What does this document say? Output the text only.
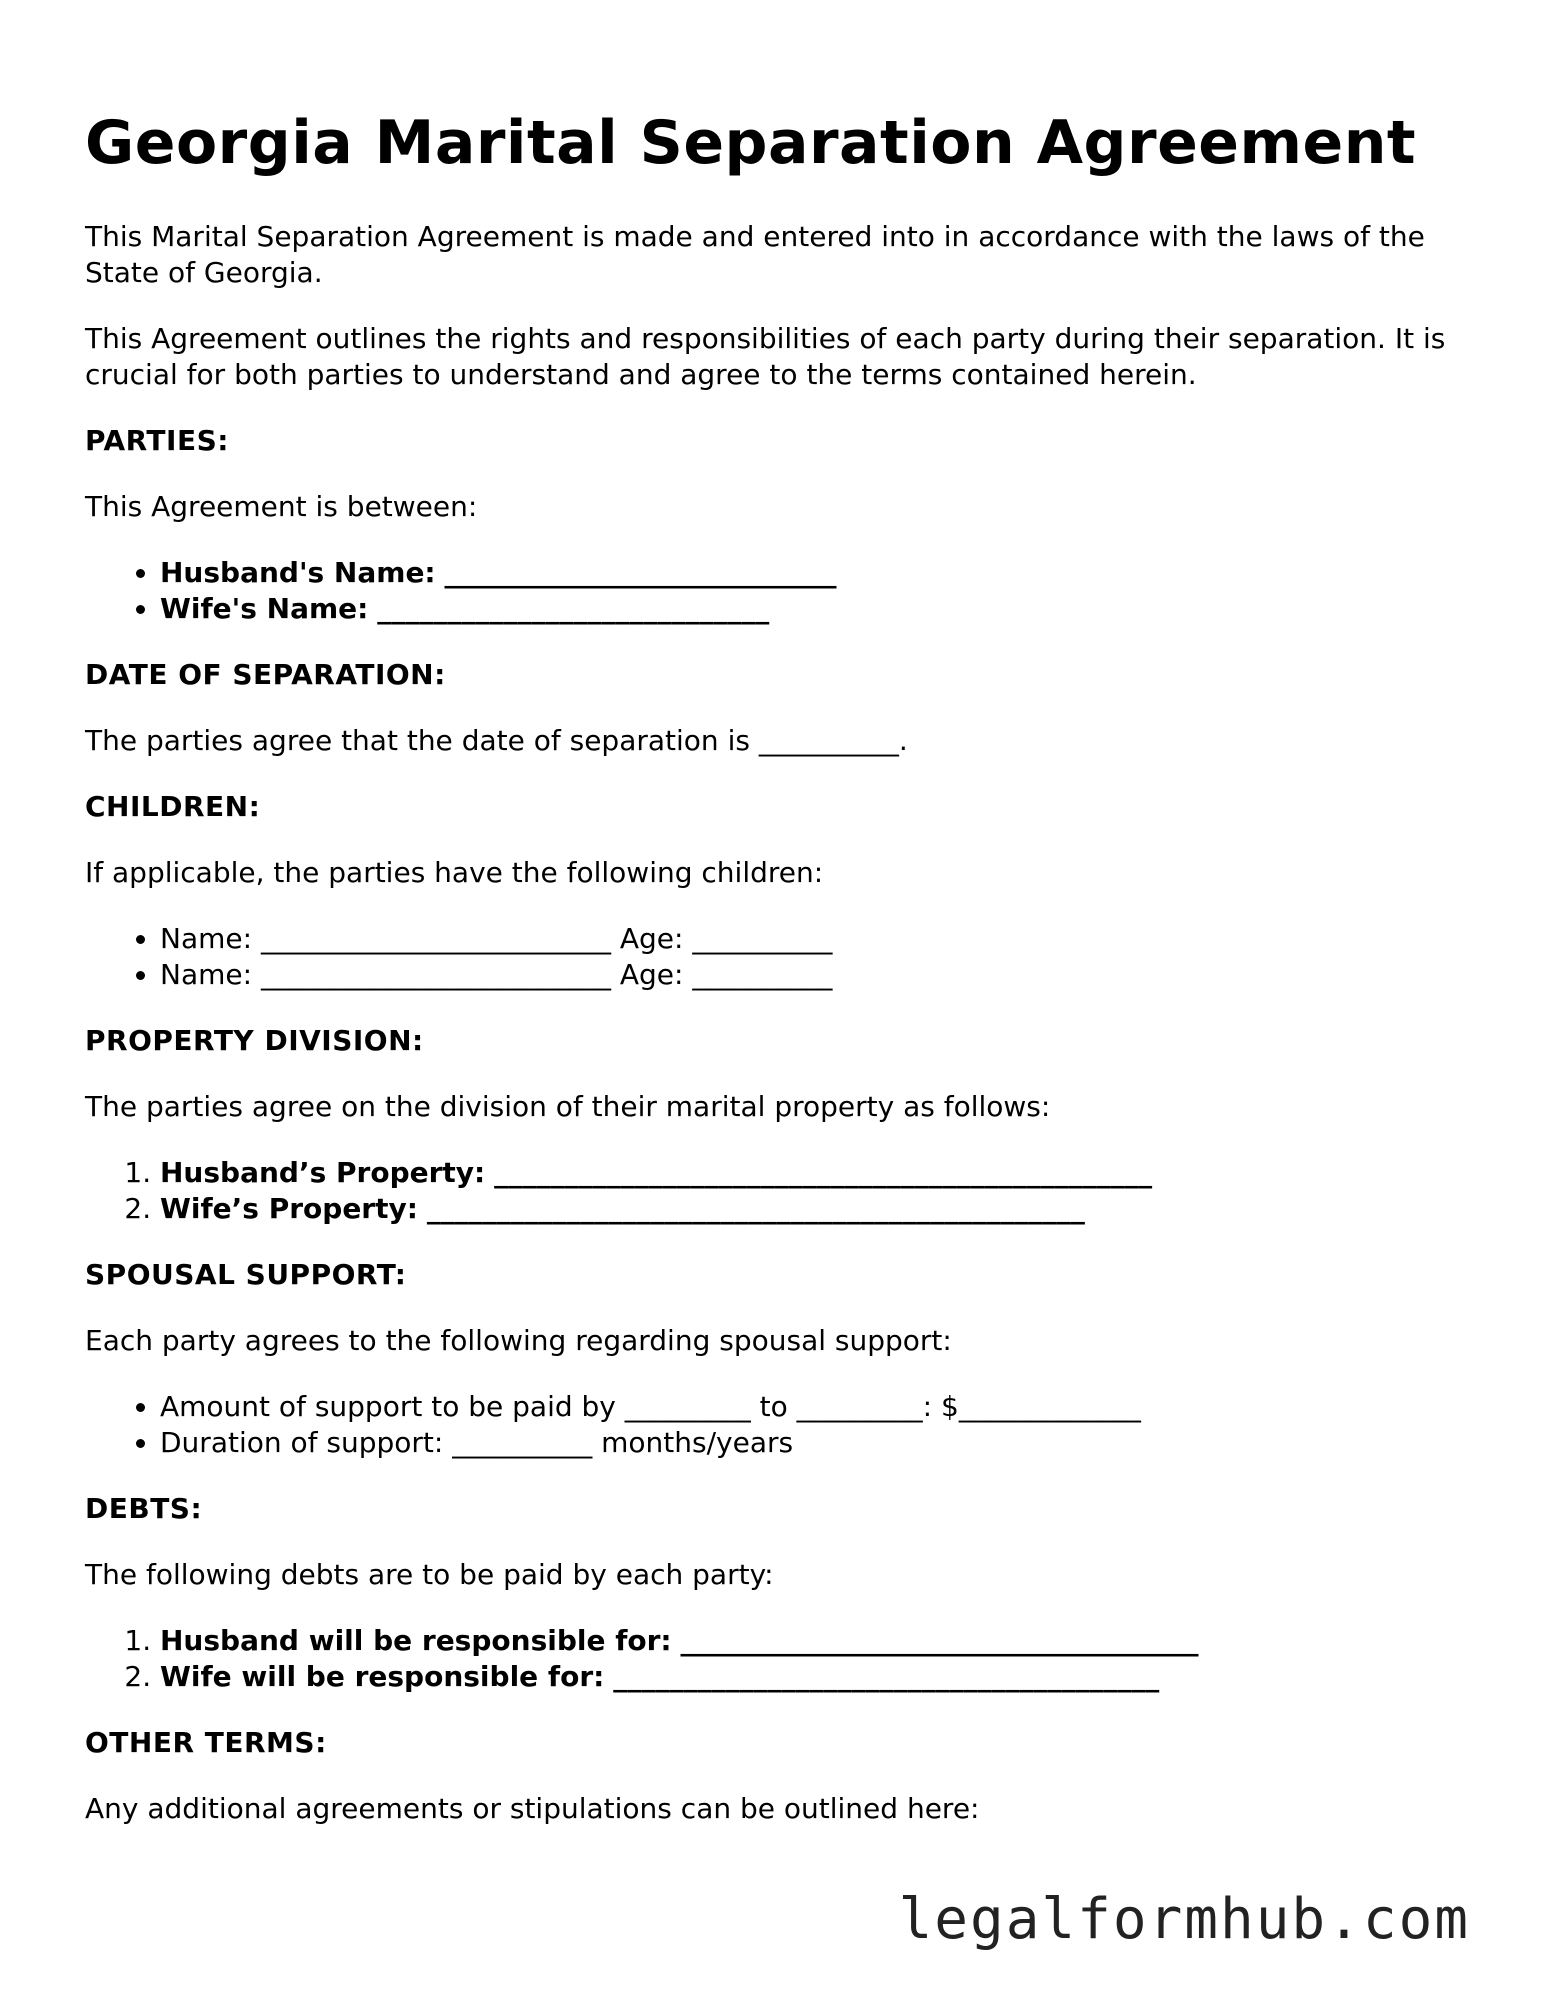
Georgia Marital Separation Agreement

This Marital Separation Agreement is made and entered into in accordance with the laws of the State of Georgia.

This Agreement outlines the rights and responsibilities of each party during their separation. It is crucial for both parties to understand and agree to the terms contained herein.

PARTIES:

This Agreement is between:

• Husband's Name: ____________________________
• Wife's Name: ____________________________

DATE OF SEPARATION:

The parties agree that the date of separation is __________.

CHILDREN:

If applicable, the parties have the following children:

• Name: _________________________ Age: __________
• Name: _________________________ Age: __________

PROPERTY DIVISION:

The parties agree on the division of their marital property as follows:

1. Husband’s Property: _______________________________________________
2. Wife’s Property: _______________________________________________

SPOUSAL SUPPORT:

Each party agrees to the following regarding spousal support:

• Amount of support to be paid by _________ to _________: $_____________
• Duration of support: __________ months/years

DEBTS:

The following debts are to be paid by each party:

1. Husband will be responsible for: _____________________________________
2. Wife will be responsible for: _______________________________________

OTHER TERMS:

Any additional agreements or stipulations can be outlined here:

legalformhub.com
